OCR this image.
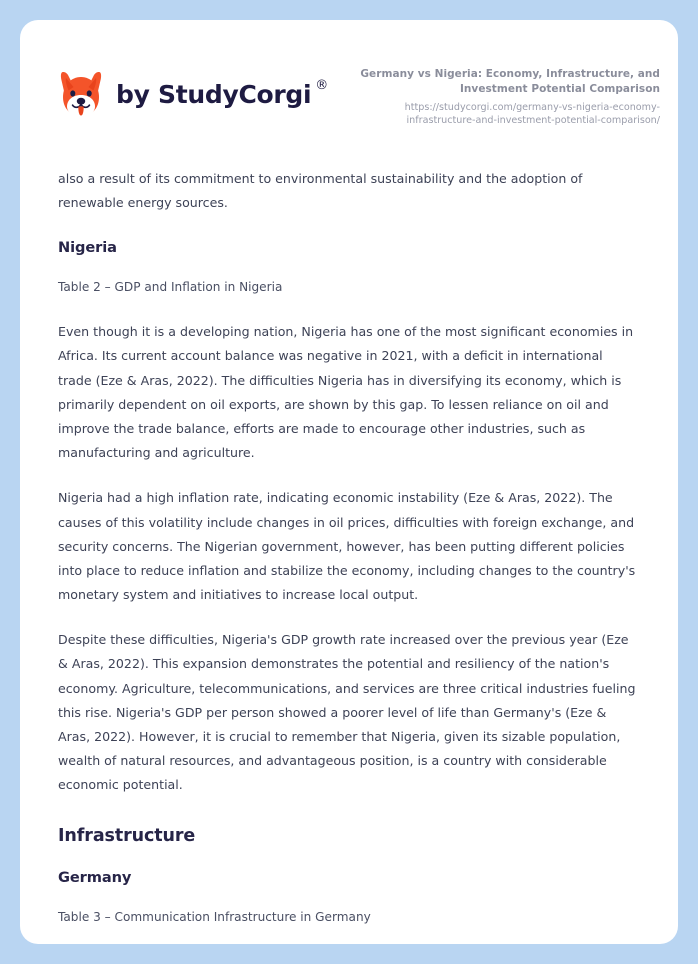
by StudyCorgi ®
Germany vs Nigeria: Economy, Infrastructure, and Investment Potential Comparison
https://studycorgi.com/germany-vs-nigeria-economy-infrastructure-and-investment-potential-comparison/

also a result of its commitment to environmental sustainability and the adoption of renewable energy sources.

Nigeria

Table 2 – GDP and Inflation in Nigeria

Even though it is a developing nation, Nigeria has one of the most significant economies in Africa. Its current account balance was negative in 2021, with a deficit in international trade (Eze & Aras, 2022). The difficulties Nigeria has in diversifying its economy, which is primarily dependent on oil exports, are shown by this gap. To lessen reliance on oil and improve the trade balance, efforts are made to encourage other industries, such as manufacturing and agriculture.

Nigeria had a high inflation rate, indicating economic instability (Eze & Aras, 2022). The causes of this volatility include changes in oil prices, difficulties with foreign exchange, and security concerns. The Nigerian government, however, has been putting different policies into place to reduce inflation and stabilize the economy, including changes to the country's monetary system and initiatives to increase local output.

Despite these difficulties, Nigeria's GDP growth rate increased over the previous year (Eze & Aras, 2022). This expansion demonstrates the potential and resiliency of the nation's economy. Agriculture, telecommunications, and services are three critical industries fueling this rise. Nigeria's GDP per person showed a poorer level of life than Germany's (Eze & Aras, 2022). However, it is crucial to remember that Nigeria, given its sizable population, wealth of natural resources, and advantageous position, is a country with considerable economic potential.

Infrastructure
Germany

Table 3 – Communication Infrastructure in Germany
